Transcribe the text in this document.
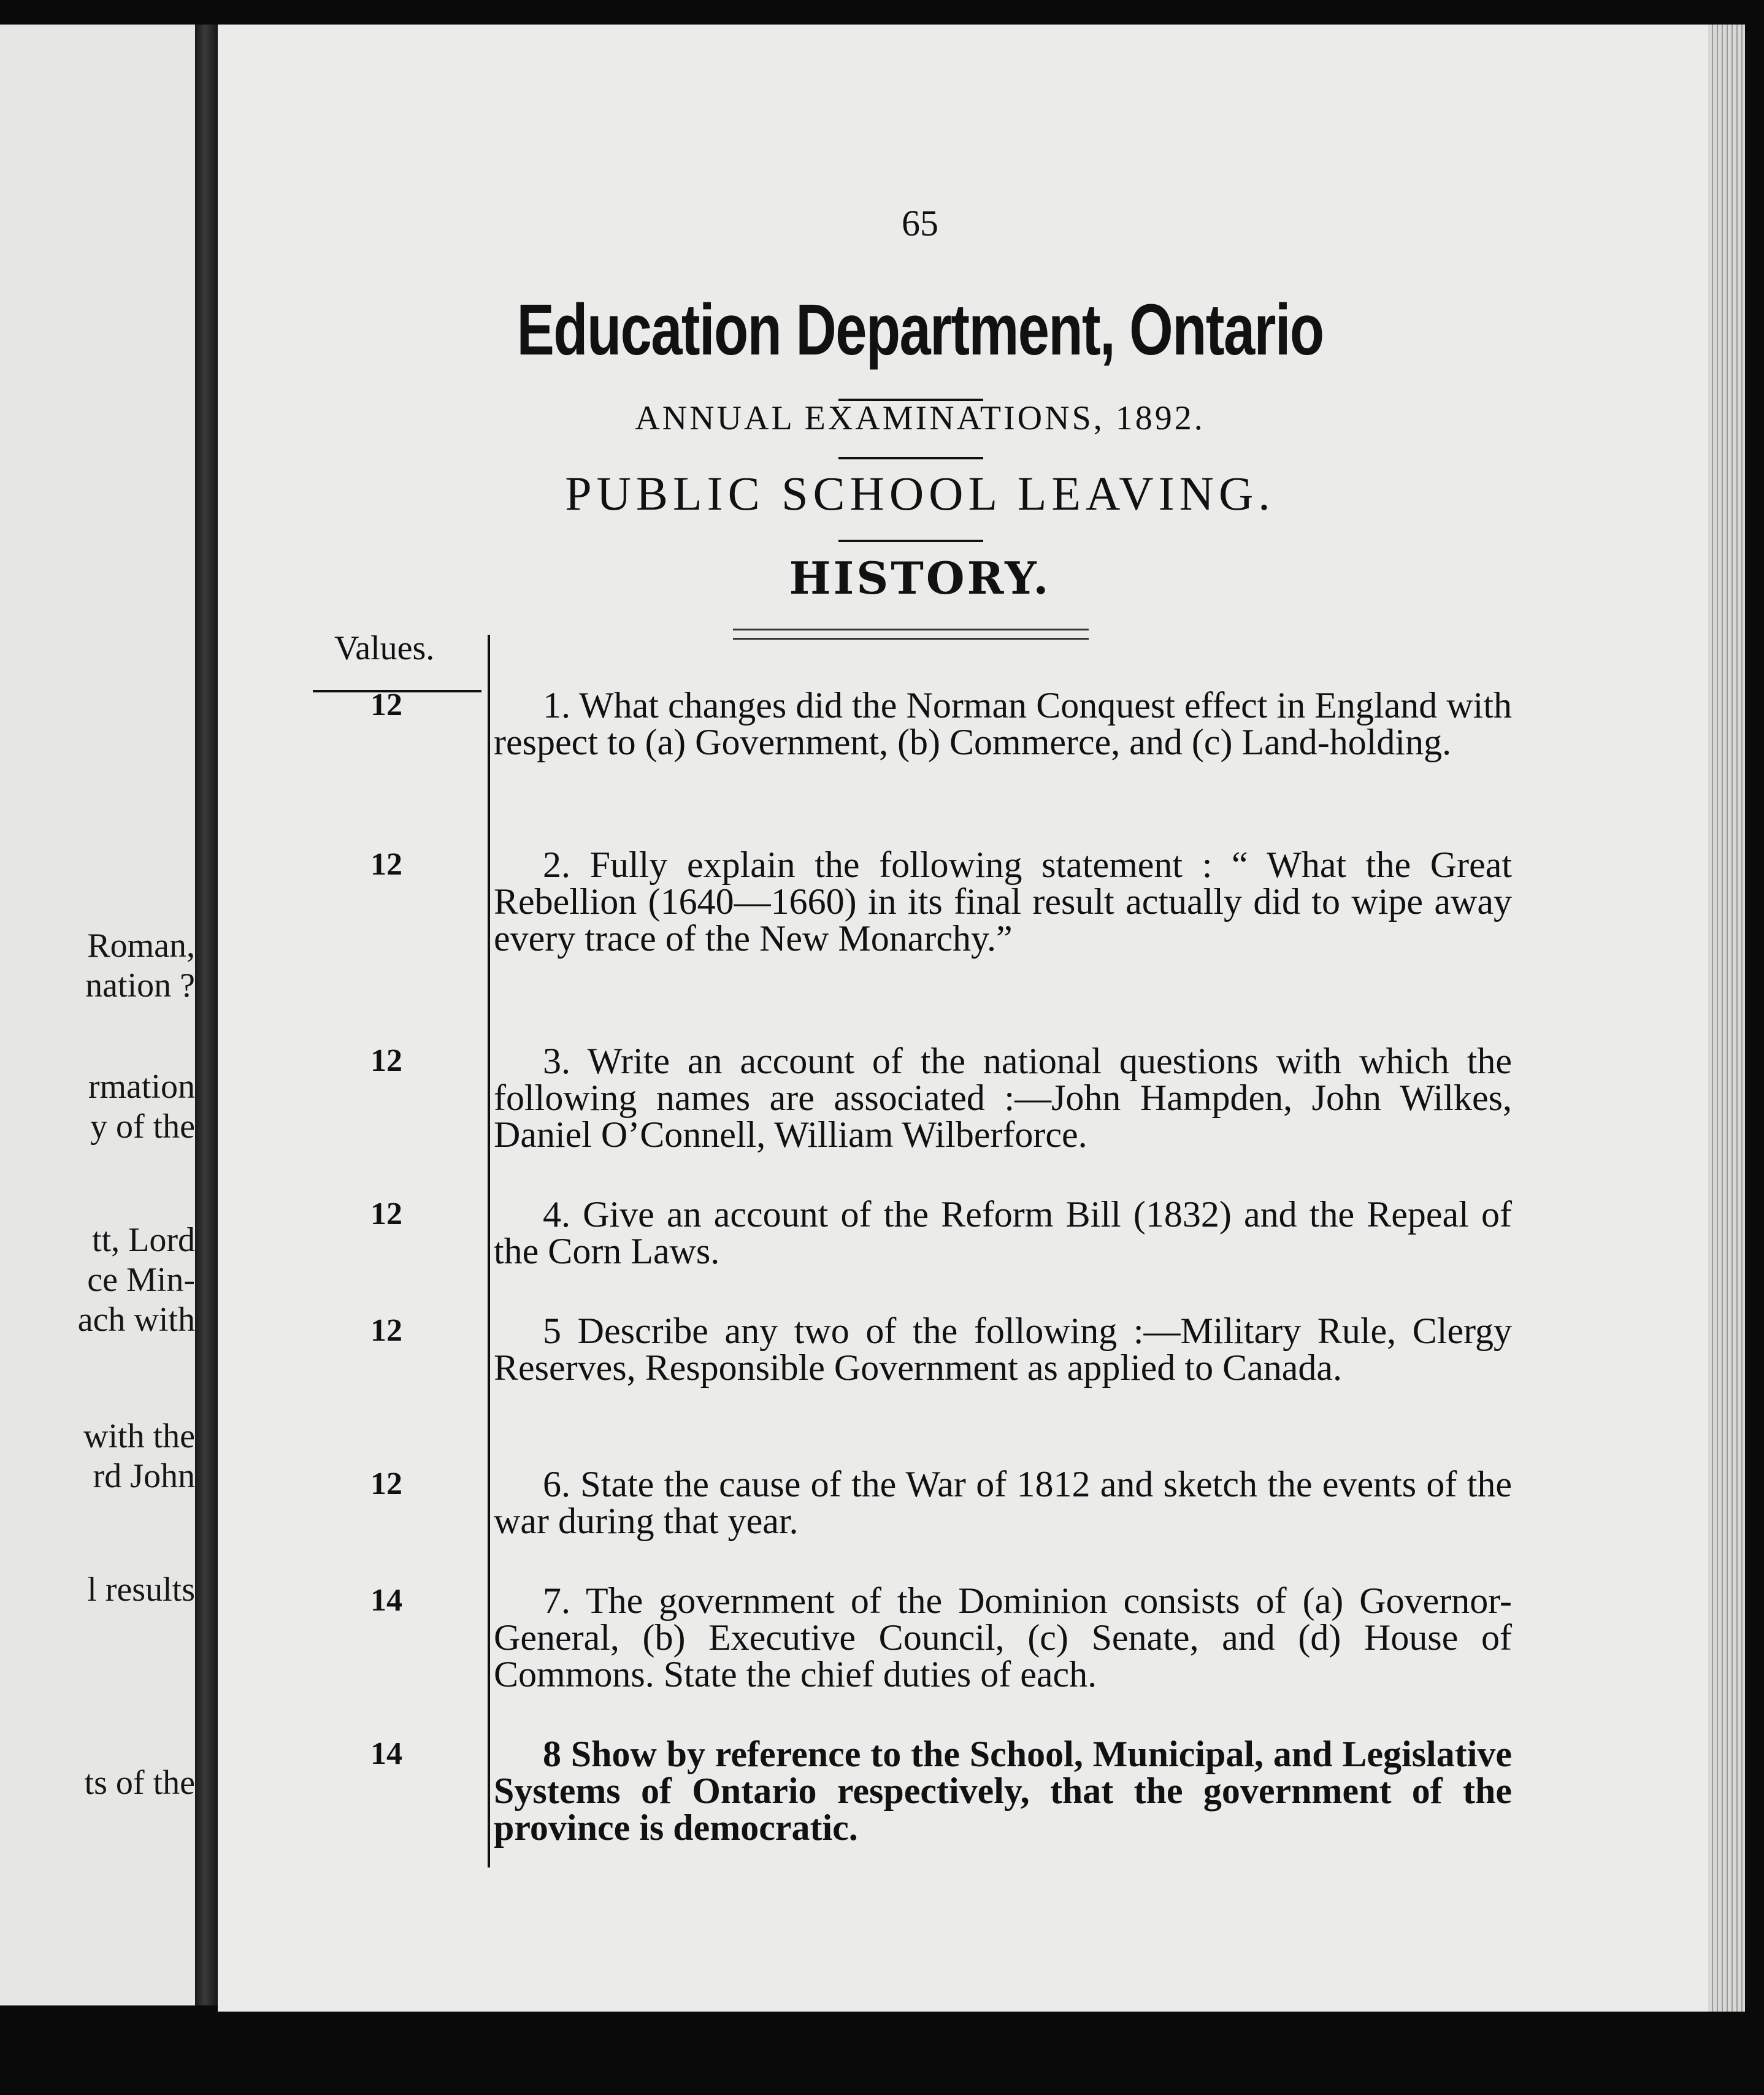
Roman,
nation ?
rmation
y of the
tt, Lord
ce Min-
ach with
with the
rd John
l results
ts of the
65
Education Department, Ontario
ANNUAL EXAMINATIONS, 1892.
PUBLIC SCHOOL LEAVING.
HISTORY.
Values.
12	1. What changes did the Norman Conquest effect in England with respect to (a) Government, (b) Commerce, and (c) Land-holding.
12	2. Fully explain the following statement : “ What the Great Rebellion (1640—1660) in its final result actually did to wipe away every trace of the New Monarchy.”
12	3. Write an account of the national questions with which the following names are associated :—John Hampden, John Wilkes, Daniel O’Connell, William Wilberforce.
12	4. Give an account of the Reform Bill (1832) and the Repeal of the Corn Laws.
12	5 Describe any two of the following :—Military Rule, Clergy Reserves, Responsible Government as applied to Canada.
12	6. State the cause of the War of 1812 and sketch the events of the war during that year.
14	7. The government of the Dominion consists of (a) Governor-General, (b) Executive Council, (c) Senate, and (d) House of Commons. State the chief duties of each.
14	8 Show by reference to the School, Municipal, and Legislative Systems of Ontario respectively, that the government of the province is democratic.
